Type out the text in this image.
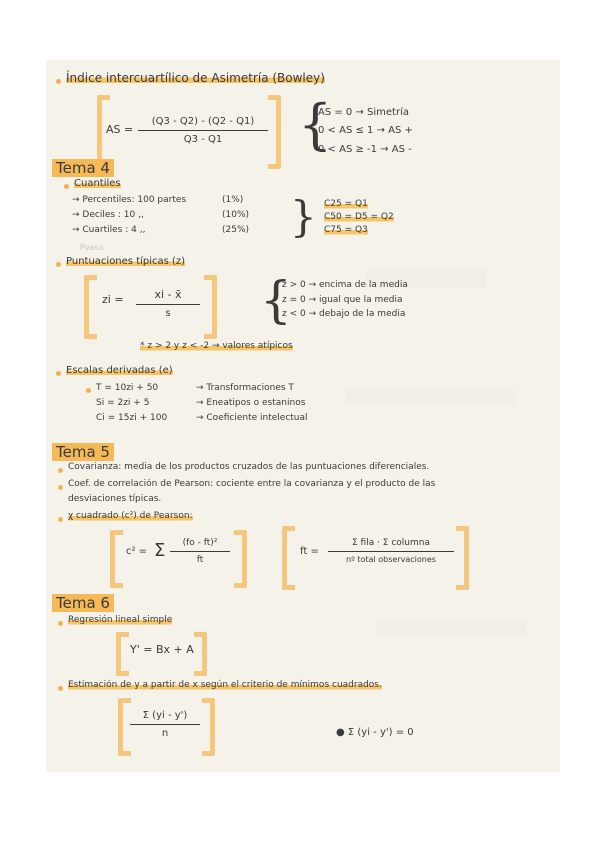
Índice intercuartílico de Asimetría (Bowley)
AS =
(Q3 - Q2) - (Q2 - Q1)
Q3 - Q1 {
AS = 0 → Simetría
0 < AS ≤ 1 → AS +
0 < AS ≥ -1 → AS -
Tema 4
Cuantiles
→ Percentiles: 100 partes	(1%)
→ Deciles : 10 ,,	(10%)
→ Cuartiles : 4 ,,	(25%) } C25 = Q1
C50 = D5 = Q2
C75 = Q3
Pvaso
Puntuaciones típicas (z)
zi =	xi - x̄
s {
z > 0 → encima de la media
z = 0 → igual que la media
z < 0 → debajo de la media
* z > 2 y z < -2 → valores atípicos
Escalas derivadas (e)
T = 10zi + 50	→ Transformaciones T
Si = 2zi + 5	→ Eneatipos o estaninos
Ci = 15zi + 100	→ Coeficiente intelectual
Tema 5
Covarianza: media de los productos cruzados de las puntuaciones diferenciales.
Coef. de correlación de Pearson: cociente entre la covarianza y el producto de las
desviaciones típicas.
χ cuadrado (c²) de Pearson:
c² = Σ (fo - ft)²
ft
ft =
Σ fila · Σ columna
nº total observaciones
Tema 6
Regresión lineal simple
Y' = Bx + A
Estimación de y a partir de x según el criterio de mínimos cuadrados.
Σ (yi - y')
n	● Σ (yi - y') = 0
